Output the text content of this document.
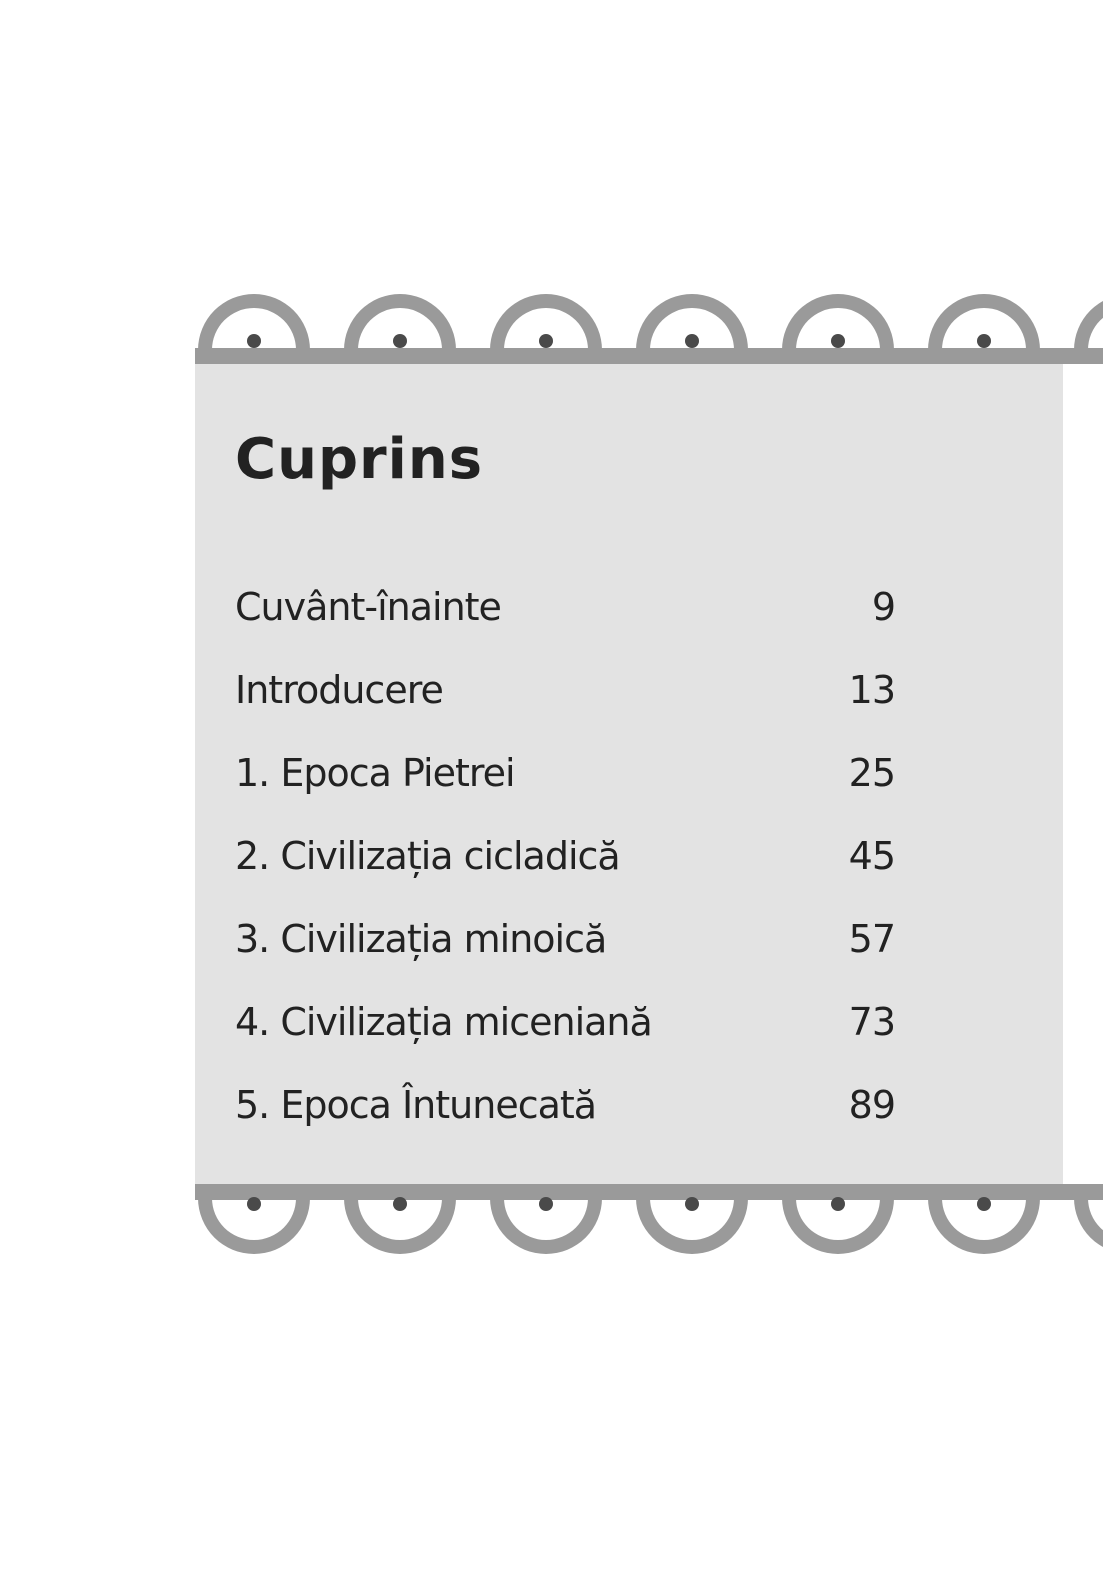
Cuprins
Cuvânt-înainte	9
Introducere	13
1. Epoca Pietrei	25
2. Civilizația cicladică	45
3. Civilizația minoică	57
4. Civilizația miceniană	73
5. Epoca Întunecată	89
